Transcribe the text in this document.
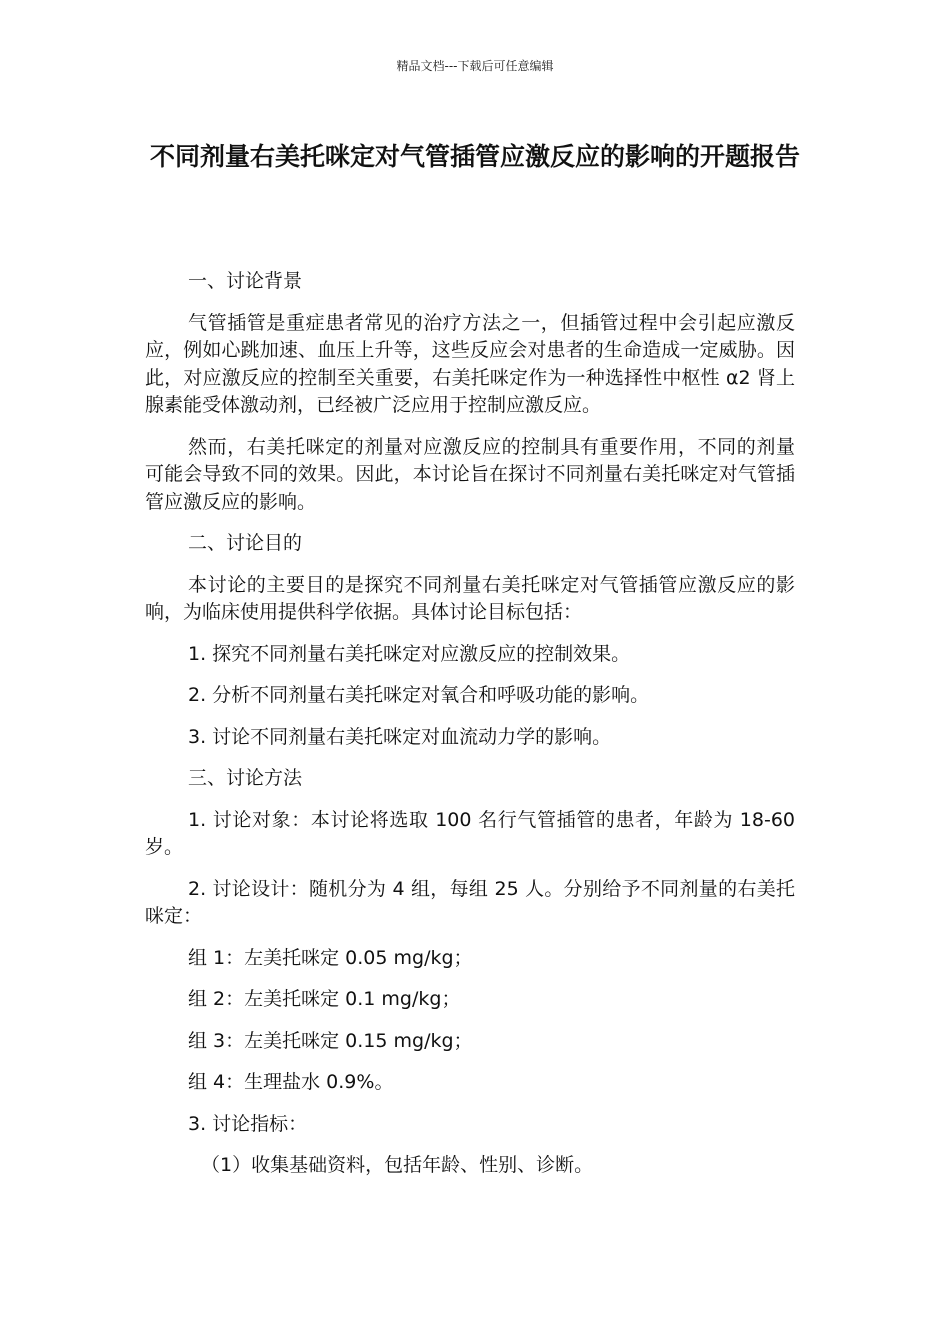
精品文档---下载后可任意编辑
不同剂量右美托咪定对气管插管应激反应的影响的开题报告

一、讨论背景

气管插管是重症患者常见的治疗方法之一，但插管过程中会引起应激反应，例如心跳加速、血压上升等，这些反应会对患者的生命造成一定威胁。因此，对应激反应的控制至关重要，右美托咪定作为一种选择性中枢性 α2 肾上腺素能受体激动剂，已经被广泛应用于控制应激反应。

然而，右美托咪定的剂量对应激反应的控制具有重要作用，不同的剂量可能会导致不同的效果。因此，本讨论旨在探讨不同剂量右美托咪定对气管插管应激反应的影响。

二、讨论目的

本讨论的主要目的是探究不同剂量右美托咪定对气管插管应激反应的影响，为临床使用提供科学依据。具体讨论目标包括：

1. 探究不同剂量右美托咪定对应激反应的控制效果。

2. 分析不同剂量右美托咪定对氧合和呼吸功能的影响。

3. 讨论不同剂量右美托咪定对血流动力学的影响。

三、讨论方法

1. 讨论对象：本讨论将选取 100 名行气管插管的患者，年龄为 18-60 岁。

2. 讨论设计：随机分为 4 组，每组 25 人。分别给予不同剂量的右美托咪定：

组 1：左美托咪定 0.05 mg/kg；

组 2：左美托咪定 0.1 mg/kg；

组 3：左美托咪定 0.15 mg/kg；

组 4：生理盐水 0.9%。

3. 讨论指标：

（1）收集基础资料，包括年龄、性别、诊断。
